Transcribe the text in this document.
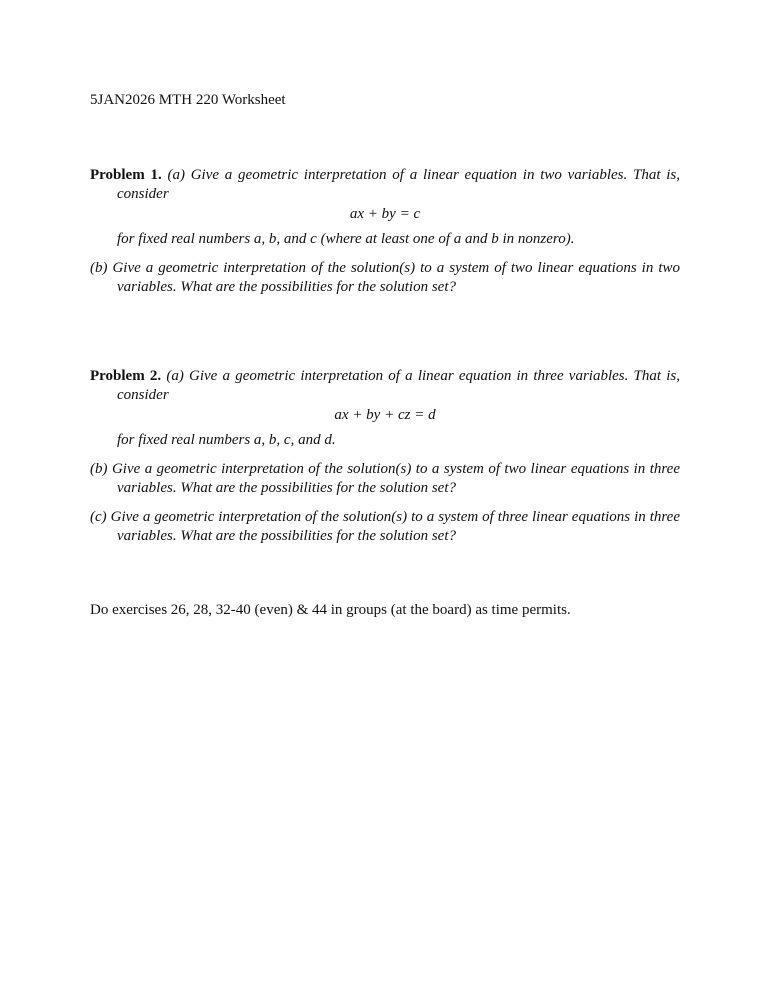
5JAN2026 MTH 220 Worksheet

Problem 1. (a) Give a geometric interpretation of a linear equation in two variables. That is, consider

ax + by = c

for fixed real numbers a, b, and c (where at least one of a and b in nonzero).

(b) Give a geometric interpretation of the solution(s) to a system of two linear equations in two variables. What are the possibilities for the solution set?

Problem 2. (a) Give a geometric interpretation of a linear equation in three variables. That is, consider

ax + by + cz = d

for fixed real numbers a, b, c, and d.

(b) Give a geometric interpretation of the solution(s) to a system of two linear equations in three variables. What are the possibilities for the solution set?

(c) Give a geometric interpretation of the solution(s) to a system of three linear equations in three variables. What are the possibilities for the solution set?

Do exercises 26, 28, 32-40 (even) & 44 in groups (at the board) as time permits.
